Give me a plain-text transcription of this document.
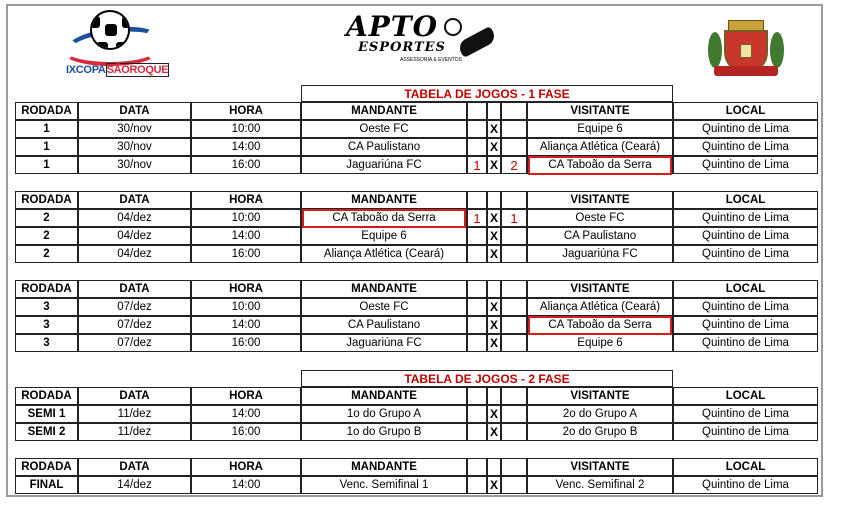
IXCOPASÃOROQUE
APTO
ESPORTES
ASSESSORIA & EVENTOS
TABELA DE JOGOS - 1 FASE
RODADA	DATA	HORA	MANDANTE	VISITANTE	LOCAL
1	30/nov	10:00	Oeste FC	X	Equipe 6	Quintino de Lima
1	30/nov	14:00	CA Paulistano	X	Aliança Atlética (Ceará)	Quintino de Lima
1	30/nov	16:00	Jaguariúna FC	1 X 2	CA Taboão da Serra	Quintino de Lima
RODADA	DATA	HORA	MANDANTE	VISITANTE	LOCAL
2	04/dez	10:00	CA Taboão da Serra	1 X 1	Oeste FC	Quintino de Lima
2	04/dez	14:00	Equipe 6	X	CA Paulistano	Quintino de Lima
2	04/dez	16:00	Aliança Atlética (Ceará)	X	Jaguariúna FC	Quintino de Lima
RODADA	DATA	HORA	MANDANTE	VISITANTE	LOCAL
3	07/dez	10:00	Oeste FC	X	Aliança Atlética (Ceará)	Quintino de Lima
3	07/dez	14:00	CA Paulistano	X	CA Taboão da Serra	Quintino de Lima
3	07/dez	16:00	Jaguariúna FC	X	Equipe 6	Quintino de Lima
TABELA DE JOGOS - 2 FASE
RODADA	DATA	HORA	MANDANTE	VISITANTE	LOCAL
SEMI 1	11/dez	14:00	1o do Grupo A	X	2o do Grupo A	Quintino de Lima
SEMI 2	11/dez	16:00	1o do Grupo B	X	2o do Grupo B	Quintino de Lima
RODADA	DATA	HORA	MANDANTE	VISITANTE	LOCAL
FINAL	14/dez	14:00	Venc. Semifinal 1	X	Venc. Semifinal 2	Quintino de Lima
